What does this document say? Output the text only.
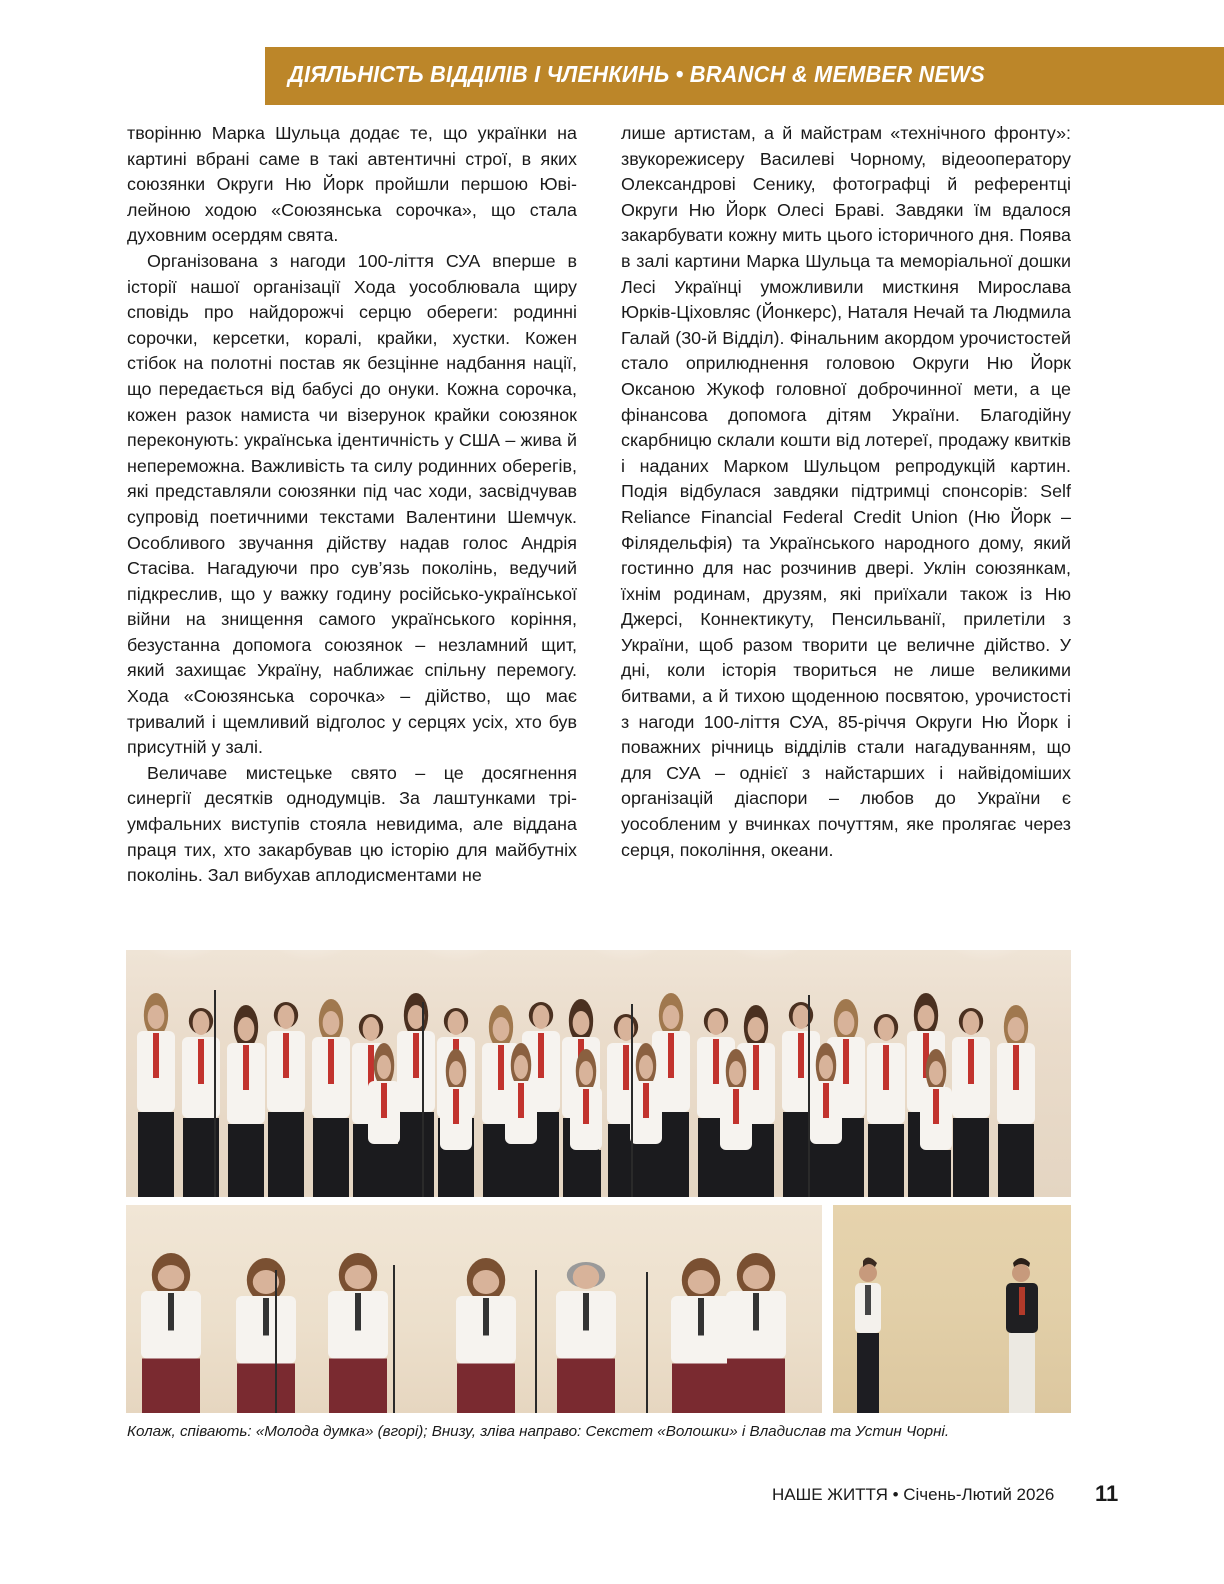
ДІЯЛЬНІСТЬ ВІДДІЛІВ І ЧЛЕНКИНЬ • BRANCH & MEMBER NEWS

творінню Марка Шульца додає те, що українки на картині вбрані саме в такі автентичні строї, в яких союзянки Округи Ню Йорк пройшли першою Ювілейною ходою «Союзянська сорочка», що стала духовним осердям свята.

Організована з нагоди 100-ліття СУА вперше в історії нашої організації Хода уособлювала щиру сповідь про найдорожчі серцю обереги: родинні сорочки, керсетки, коралі, крайки, хустки. Кожен стібок на полотні постав як безцінне надбання нації, що передається від бабусі до онуки. Кожна сорочка, кожен разок намиста чи візерунок крайки союзянок переконують: українська ідентичність у США – жива й непереможна. Важливість та силу родинних оберегів, які представляли союзянки під час ходи, засвідчував супровід поетичними текстами Валентини Шемчук. Особливого звучання дійству надав голос Андрія Стасіва. Нагадуючи про сув’язь поколінь, ведучий підкреслив, що у важку годину російсько-української війни на знищення самого українського коріння, безустанна допомога союзянок – незламний щит, який захищає Україну, наближає спільну перемогу. Хода «Союзянська сорочка» – дійство, що має тривалий і щемливий відголос у серцях усіх, хто був присутній у залі.

Величаве мистецьке свято – це досягнення синергії десятків однодумців. За лаштунками тріумфальних виступів стояла невидима, але віддана праця тих, хто закарбував цю історію для майбутніх поколінь. Зал вибухав аплодисментами не

лише артистам, а й майстрам «технічного фронту»: звукорежисеру Василеві Чорному, відеооператору Олександрові Сенику, фотографці й референтці Округи Ню Йорк Олесі Браві. Завдяки їм вдалося закарбувати кожну мить цього історичного дня. Поява в залі картини Марка Шульца та меморіальної дошки Лесі Українці уможливили мисткиня Мирослава Юрків-Ціховляс (Йонкерс), Наталя Нечай та Людмила Галай (30-й Відділ). Фінальним акордом урочистостей стало оприлюднення головою Округи Ню Йорк Оксаною Жукоф головної доброчинної мети, а це фінансова допомога дітям України. Благодійну скарбницю склали кошти від лотереї, продажу квитків і наданих Марком Шульцом репродукцій картин. Подія відбулася завдяки підтримці спонсорів: Self Reliance Financial Federal Credit Union (Ню Йорк – Філядельфія) та Українського народного дому, який гостинно для нас розчинив двері. Уклін союзянкам, їхнім родинам, друзям, які приїхали також із Ню Джерсі, Коннектикуту, Пенсильванії, прилетіли з України, щоб разом творити це величне дійство. У дні, коли історія твориться не лише великими битвами, а й тихою щоденною посвятою, урочистості з нагоди 100-ліття СУА, 85-річчя Округи Ню Йорк і поважних річниць відділів стали нагадуванням, що для СУА – однієї з найстарших і найвідоміших організацій діаспори – любов до України є уособленим у вчинках почуттям, яке пролягає через серця, покоління, океани.

Колаж, співають: «Молода думка» (вгорі); Внизу, зліва направо: Секстет «Волошки» і Владислав та Устин Чорні.
НАШЕ ЖИТТЯ • Січень-Лютий 2026 11
